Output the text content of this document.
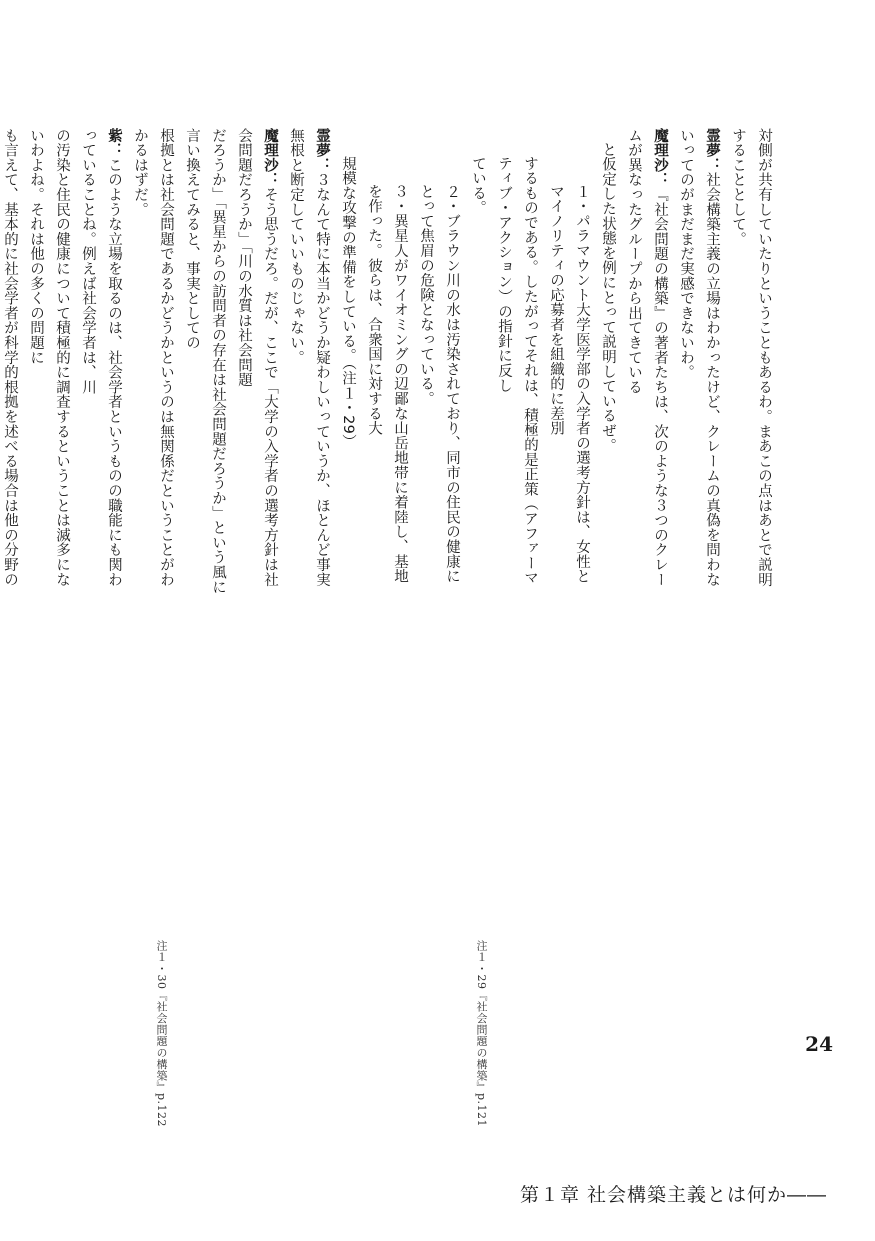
対側が共有していたりということもあるわ。まあこの点はあとで説明することとして。

霊夢：社会構築主義の立場はわかったけど、クレームの真偽を問わないってのがまだまだ実感できないわ。

魔理沙：『社会問題の構築』の著者たちは、次のような３つのクレームが異なったグループから出てきている

と仮定した状態を例にとって説明しているぜ。

１・パラマウント大学医学部の入学者の選考方針は、女性とマイノリティの応募者を組織的に差別

するものである。したがってそれは、積極的是正策（アファーマティブ・アクション）の指針に反し

ている。

２・ブラウン川の水は汚染されており、同市の住民の健康にとって焦眉の危険となっている。

３・異星人がワイオミングの辺鄙な山岳地帯に着陸し、基地を作った。彼らは、合衆国に対する大

規模な攻撃の準備をしている。（注１・29）

霊夢：３なんて特に本当かどうか疑わしいっていうか、ほとんど事実無根と断定していいものじゃない。

魔理沙：そう思うだろ。だが、ここで「大学の入学者の選考方針は社会問題だろうか」「川の水質は社会問題

だろうか」「異星からの訪問者の存在は社会問題だろうか」という風に言い換えてみると、事実としての

根拠とは社会問題であるかどうかというのは無関係だということがわかるはずだ。

紫：このような立場を取るのは、社会学者というものの職能にも関わっていることね。例えば社会学者は、川

の汚染と住民の健康について積極的に調査するということは滅多にないわよね。それは他の多くの問題に

も言えて、基本的に社会学者が科学的根拠を述べる場合は他の分野の

注１・29『社会問題の構築』p.121
注１・30『社会問題の構築』p.122	24
第１章 社会構築主義とは何か――
